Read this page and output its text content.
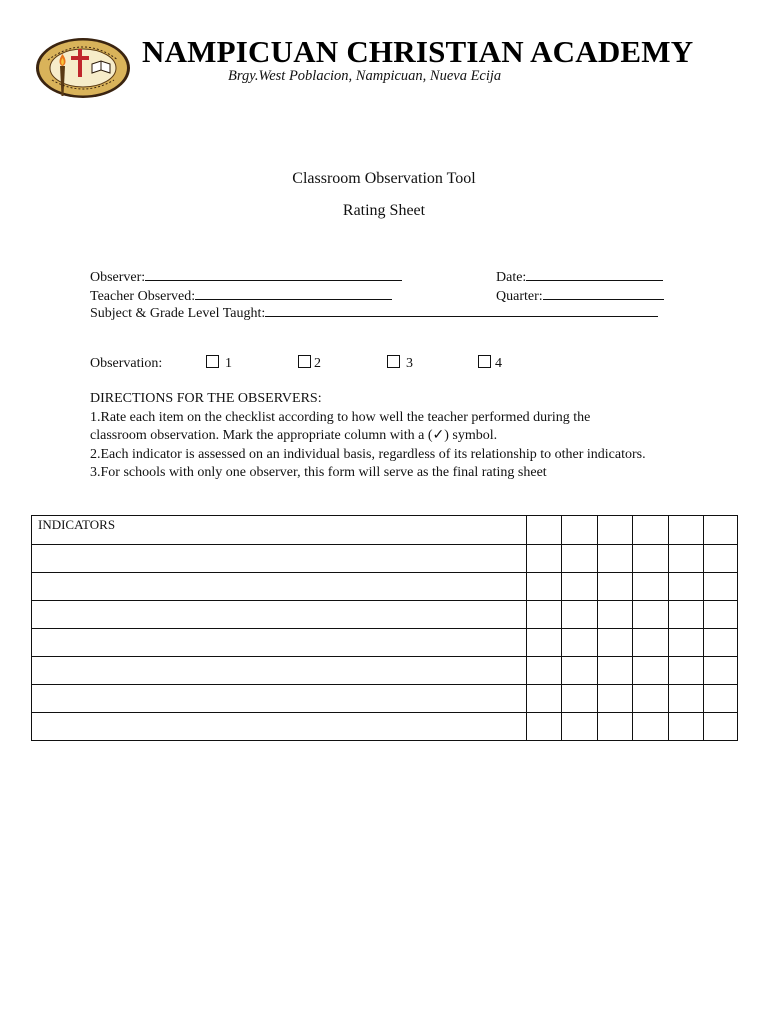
NAMPICUAN CHRISTIAN ACADEMY
Brgy.West Poblacion, Nampicuan, Nueva Ecija
Classroom Observation Tool
Rating Sheet
Observer:	Date:
Teacher Observed:	Quarter:
Subject & Grade Level Taught:
Observation:	1	2	3	4

DIRECTIONS FOR THE OBSERVERS:

1.Rate each item on the checklist according to how well the teacher performed during the classroom observation. Mark the appropriate column with a (✓) symbol.

2.Each indicator is assessed on an individual basis, regardless of its relationship to other indicators.

3.For schools with only one observer, this form will serve as the final rating sheet

INDICATORS						
